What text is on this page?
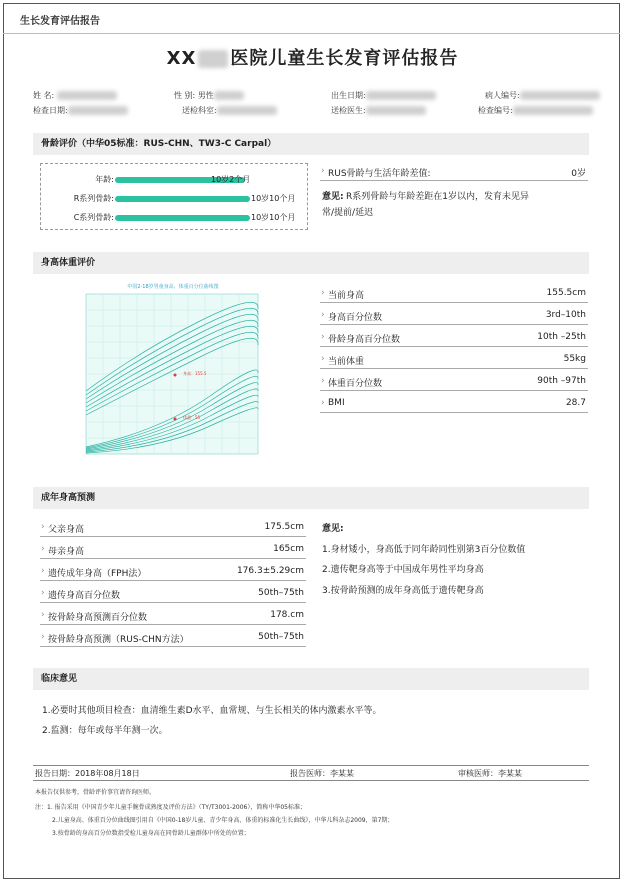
生长发育评估报告
XX 医院儿童生长发育评估报告
姓 名:	性 别: 男性	出生日期:	病人编号:
检查日期:	送检科室:	送检医生:	检查编号:
骨龄评价（中华05标准：RUS-CHN、TW3-C Carpal）
年龄:	10岁2个月
R系列骨龄:	10岁10个月
C系列骨龄:	10岁10个月
› RUS骨龄与生活年龄差值:	0岁
意见: R系列骨龄与年龄差距在1岁以内，发育未见异
常/提前/延迟
身高体重评价
中国2-18岁男童身高、体重百分位曲线图
身高：155.5
体重：55
› 当前身高	155.5cm
› 身高百分位数	3rd–10th
› 骨龄身高百分位数	10th –25th
› 当前体重	55kg
› 体重百分位数	90th –97th
› BMI	28.7
成年身高预测
› 父亲身高	175.5cm
› 母亲身高	165cm
› 遗传成年身高（FPH法）	176.3±5.29cm
› 遗传身高百分位数	50th–75th
› 按骨龄身高预测百分位数	178.cm
› 按骨龄身高预测（RUS-CHN方法）	50th–75th
意见:
1.身材矮小，身高低于同年龄同性别第3百分位数值
2.遗传靶身高等于中国成年男性平均身高
3.按骨龄预测的成年身高低于遗传靶身高
临床意见
1.必要时其他项目检查：血清维生素D水平、血常规、与生长相关的体内激素水平等。
2.监测：每年或每半年测一次。
报告日期：2018年08月18日	报告医师：李某某	审核医师：李某某
本报告仅供参考，骨龄评价事宜请咨询医师。
注：1. 报告采用《中国青少年儿童手腕骨成熟度及评价方法》（TY/T3001-2006），简称中华05标准；
2.儿童身高、体重百分位曲线图引用自《中国0-18岁儿童、青少年身高、体重的标准化生长曲线》，中华儿科杂志2009，第7期；
3.按骨龄的身高百分位数指受检儿童身高在同骨龄儿童群体中所处的位置；
